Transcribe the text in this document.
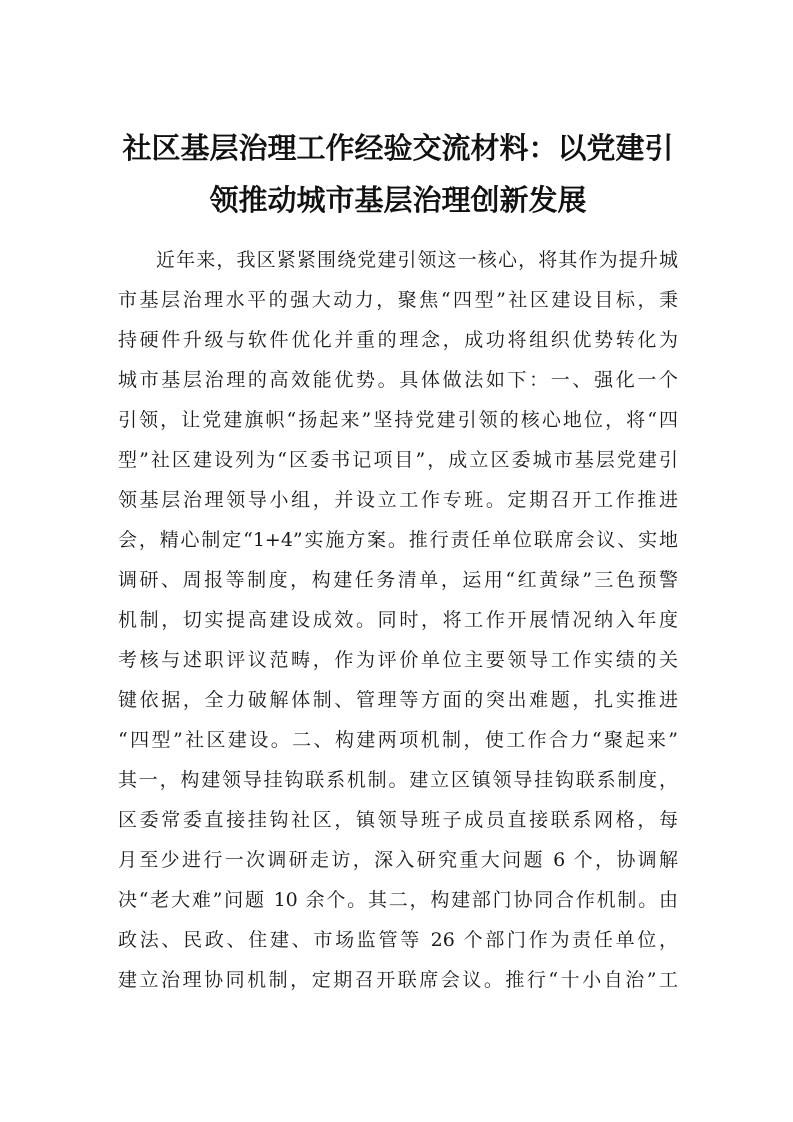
社区基层治理工作经验交流材料：以党建引
领推动城市基层治理创新发展
近年来，我区紧紧围绕党建引领这一核心，将其作为提升城
市基层治理水平的强大动力，聚焦“四型”社区建设目标，秉
持硬件升级与软件优化并重的理念，成功将组织优势转化为
城市基层治理的高效能优势。具体做法如下：一、强化一个
引领，让党建旗帜“扬起来”坚持党建引领的核心地位，将“四
型”社区建设列为“区委书记项目”，成立区委城市基层党建引
领基层治理领导小组，并设立工作专班。定期召开工作推进
会，精心制定“1+4”实施方案。推行责任单位联席会议、实地
调研、周报等制度，构建任务清单，运用“红黄绿”三色预警
机制，切实提高建设成效。同时，将工作开展情况纳入年度
考核与述职评议范畴，作为评价单位主要领导工作实绩的关
键依据，全力破解体制、管理等方面的突出难题，扎实推进
“四型”社区建设。二、构建两项机制，使工作合力“聚起来”
其一，构建领导挂钩联系机制。建立区镇领导挂钩联系制度，
区委常委直接挂钩社区，镇领导班子成员直接联系网格，每
月至少进行一次调研走访，深入研究重大问题 6 个，协调解
决“老大难”问题 10 余个。其二，构建部门协同合作机制。由
政法、民政、住建、市场监管等 26 个部门作为责任单位，
建立治理协同机制，定期召开联席会议。推行“十小自治”工
